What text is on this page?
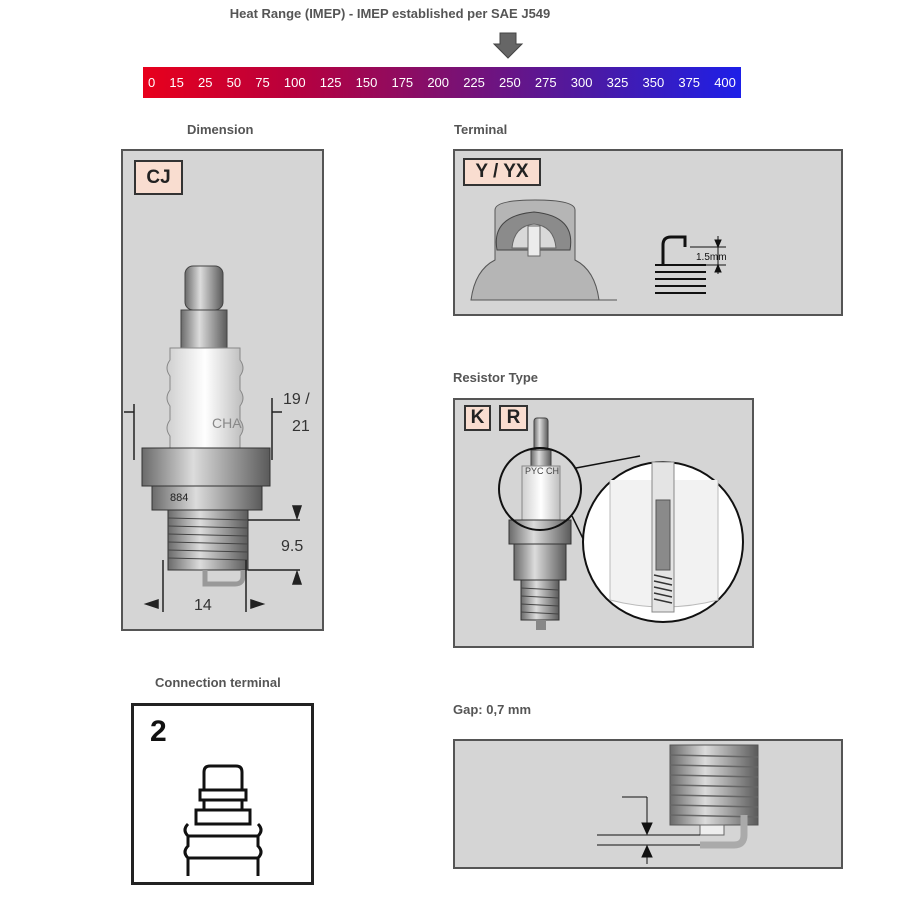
Heat Range (IMEP) - IMEP established per SAE J549
0 15 25 50 75 100 125 150 175 200 225 250 275 300 325 350 375 400
Dimension	Terminal
Resistor Type
Connection terminal
Gap: 0,7 mm
CJ
19 /
21
9.5
14
CHA
884
Y / YX
1.5mm
K	R
PYC CH
2
